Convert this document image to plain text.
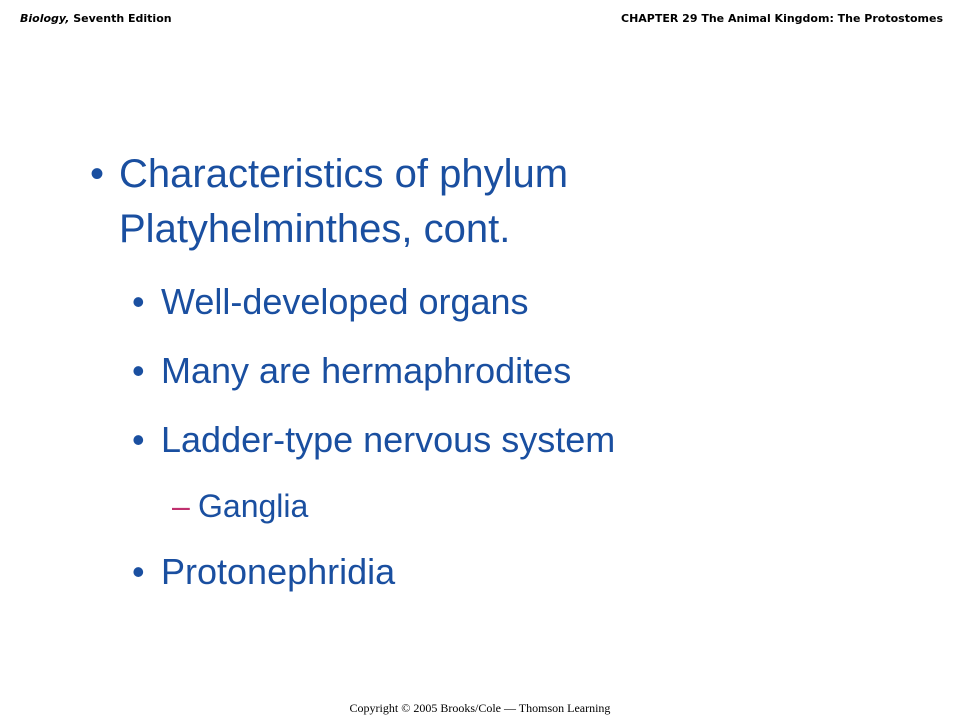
Biology, Seventh Edition	CHAPTER 29 The Animal Kingdom: The Protostomes
• Characteristics of phylum
Platyhelminthes, cont.
• Well-developed organs
• Many are hermaphrodites
• Ladder-type nervous system
– Ganglia
• Protonephridia
Copyright © 2005 Brooks/Cole — Thomson Learning
